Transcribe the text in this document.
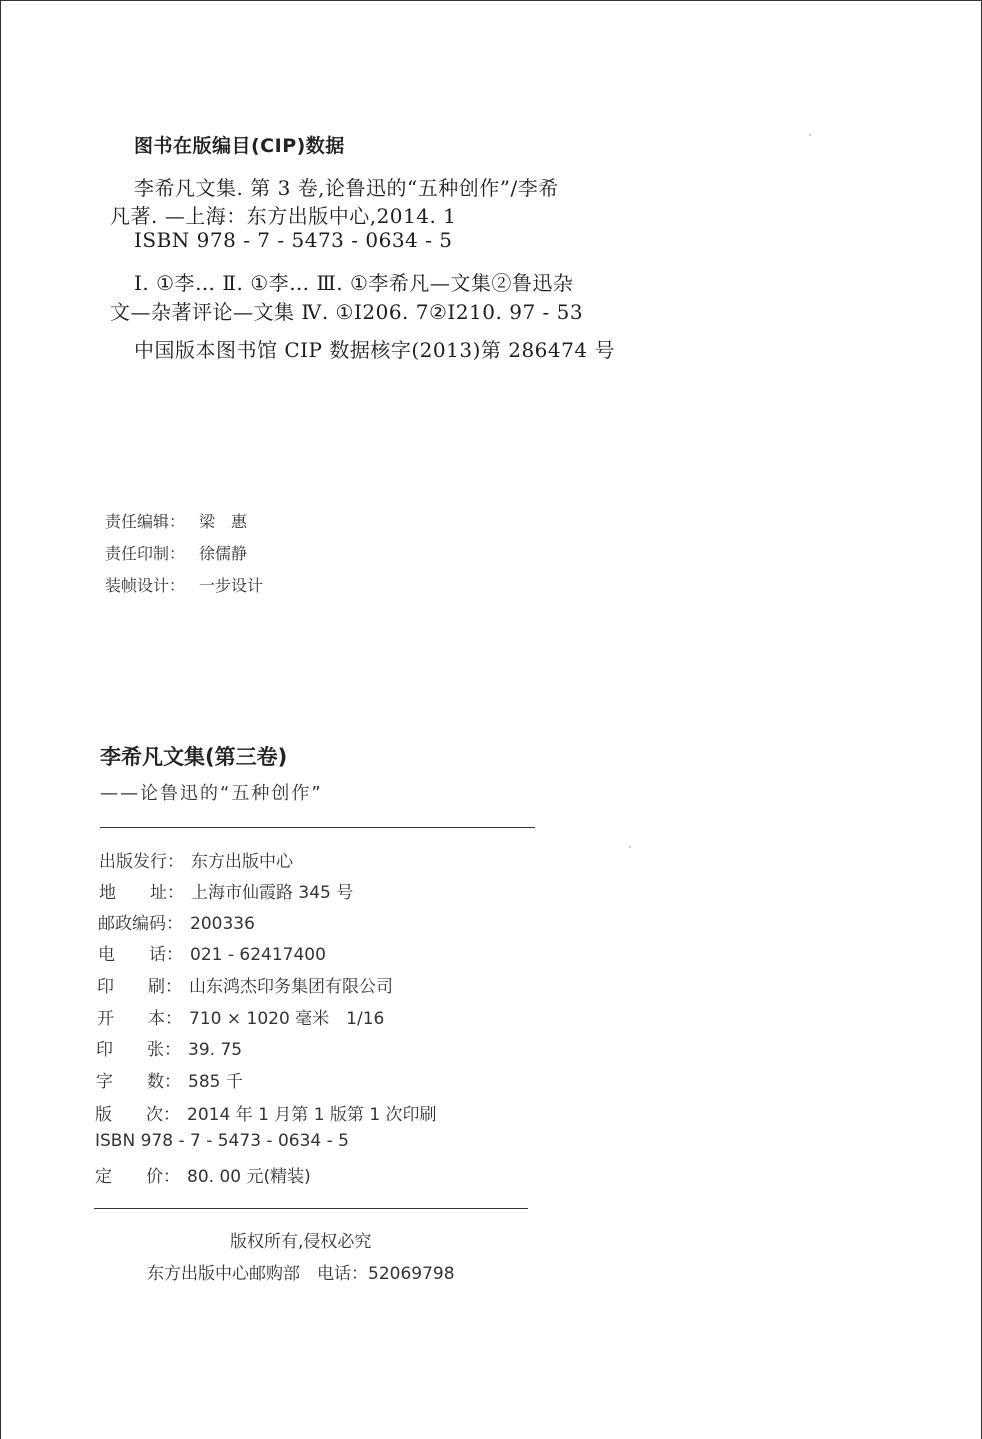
图书在版编目(CIP)数据
李希凡文集. 第 3 卷,论鲁迅的“五种创作”/李希
凡著. —上海：东方出版中心,2014. 1
ISBN 978 - 7 - 5473 - 0634 - 5
Ⅰ. ①李… Ⅱ. ①李… Ⅲ. ①李希凡—文集②鲁迅杂
文—杂著评论—文集 Ⅳ. ①I206. 7②I210. 97 - 53
中国版本图书馆 CIP 数据核字(2013)第 286474 号
责任编辑： 梁　惠
责任印制： 徐儒静
装帧设计： 一步设计
李希凡文集(第三卷)
——论鲁迅的“五种创作”
出版发行： 东方出版中心
地　　址： 上海市仙霞路 345 号
邮政编码： 200336
电　　话： 021 - 62417400
印　　刷： 山东鸿杰印务集团有限公司
开　　本： 710 × 1020 毫米　1/16
印　　张： 39. 75
字　　数： 585 千
版　　次： 2014 年 1 月第 1 版第 1 次印刷
ISBN 978 - 7 - 5473 - 0634 - 5
定　　价： 80. 00 元(精装)
版权所有,侵权必究
东方出版中心邮购部　电话：52069798
